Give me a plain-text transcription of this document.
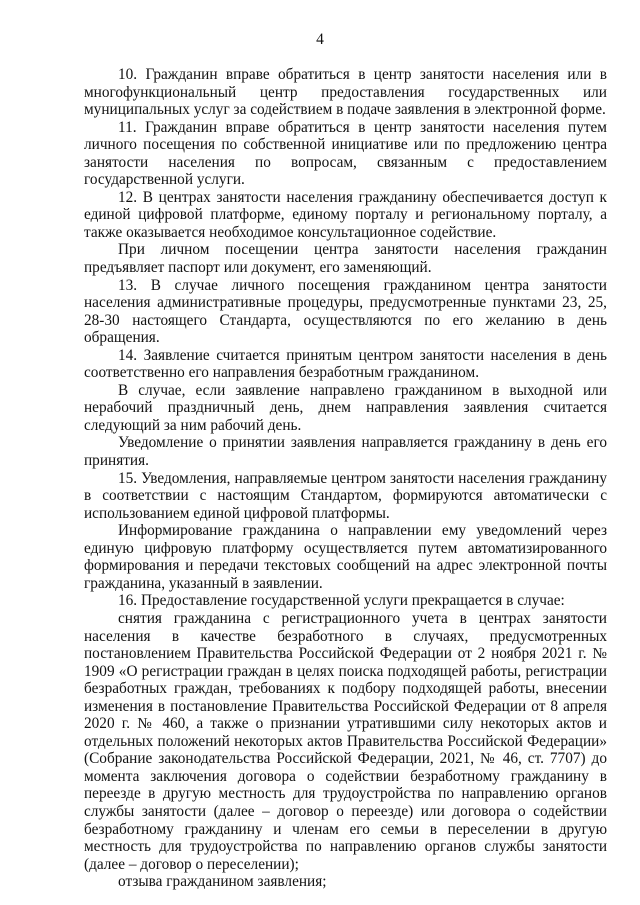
4

10. Гражданин вправе обратиться в центр занятости населения или в многофункциональный центр предоставления государственных или муниципальных услуг за содействием в подаче заявления в электронной форме.

11. Гражданин вправе обратиться в центр занятости населения путем личного посещения по собственной инициативе или по предложению центра занятости населения по вопросам, связанным с предоставлением государственной услуги.

12. В центрах занятости населения гражданину обеспечивается доступ к единой цифровой платформе, единому порталу и региональному порталу, а также оказывается необходимое консультационное содействие.

При личном посещении центра занятости населения гражданин предъявляет паспорт или документ, его заменяющий.

13. В случае личного посещения гражданином центра занятости населения административные процедуры, предусмотренные пунктами 23, 25, 28-30 настоящего Стандарта, осуществляются по его желанию в день обращения.

14. Заявление считается принятым центром занятости населения в день соответственно его направления безработным гражданином.

В случае, если заявление направлено гражданином в выходной или нерабочий праздничный день, днем направления заявления считается следующий за ним рабочий день.

Уведомление о принятии заявления направляется гражданину в день его принятия.

15. Уведомления, направляемые центром занятости населения гражданину в соответствии с настоящим Стандартом, формируются автоматически с использованием единой цифровой платформы.

Информирование гражданина о направлении ему уведомлений через единую цифровую платформу осуществляется путем автоматизированного формирования и передачи текстовых сообщений на адрес электронной почты гражданина, указанный в заявлении.

16. Предоставление государственной услуги прекращается в случае:

снятия гражданина с регистрационного учета в центрах занятости населения в качестве безработного в случаях, предусмотренных постановлением Правительства Российской Федерации от 2 ноября 2021 г. № 1909 «О регистрации граждан в целях поиска подходящей работы, регистрации безработных граждан, требованиях к подбору подходящей работы, внесении изменения в постановление Правительства Российской Федерации от 8 апреля 2020 г. № 460, а также о признании утратившими силу некоторых актов и отдельных положений некоторых актов Правительства Российской Федерации» (Собрание законодательства Российской Федерации, 2021, № 46, ст. 7707) до момента заключения договора о содействии безработному гражданину в переезде в другую местность для трудоустройства по направлению органов службы занятости (далее – договор о переезде) или договора о содействии безработному гражданину и членам его семьи в переселении в другую местность для трудоустройства по направлению органов службы занятости (далее – договор о переселении);

отзыва гражданином заявления;
